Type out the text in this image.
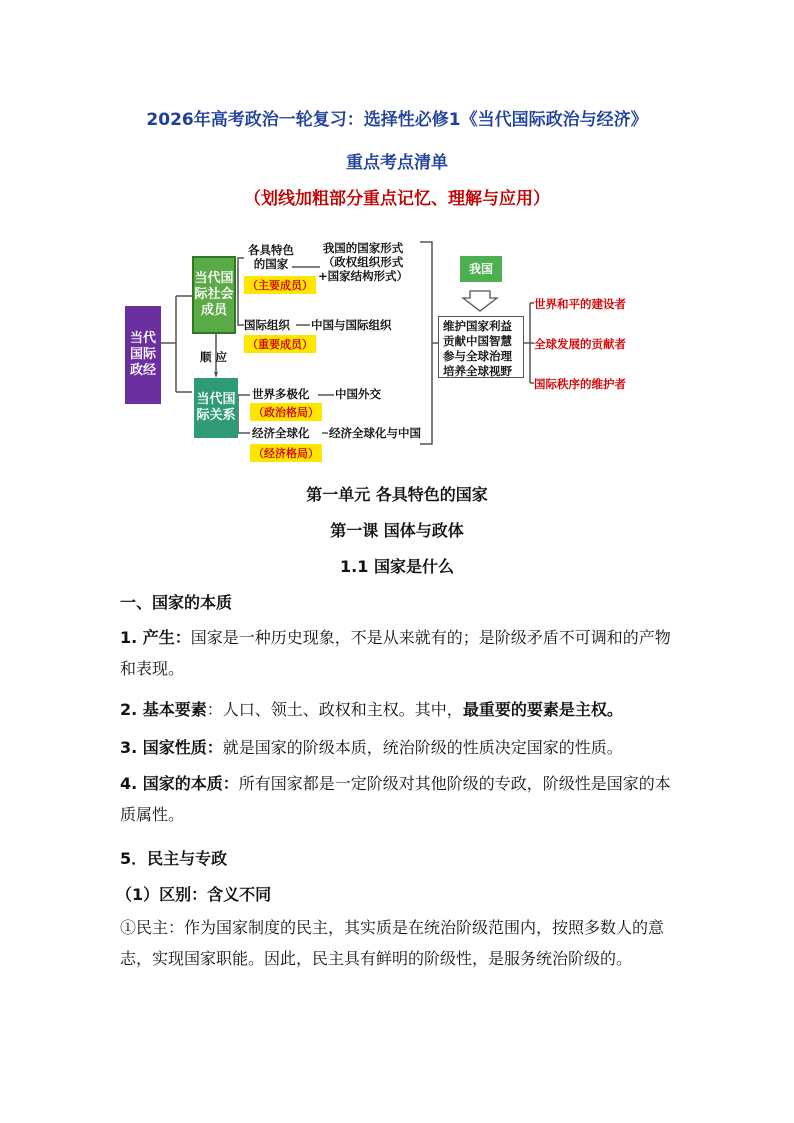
2026年高考政治一轮复习：选择性必修1《当代国际政治与经济》
重点考点清单
（划线加粗部分重点记忆、理解与应用）
当代国际政经
当代国际社会成员
当代国际关系
顺 应
各具特色的国家
（主要成员）
我国的国家形式
（政权组织形式
+国家结构形式）
国际组织
（重要成员）
中国与国际组织
世界多极化
（政治格局）
中国外交
经济全球化
（经济格局）
经济全球化与中国
我国
维护国家利益
贡献中国智慧
参与全球治理
培养全球视野
世界和平的建设者
全球发展的贡献者
国际秩序的维护者
第一单元 各具特色的国家
第一课 国体与政体
1.1 国家是什么
一、国家的本质
1. 产生：国家是一种历史现象，不是从来就有的；是阶级矛盾不可调和的产物和表现。
2. 基本要素：人口、领土、政权和主权。其中，最重要的要素是主权。
3. 国家性质：就是国家的阶级本质，统治阶级的性质决定国家的性质。
4. 国家的本质：所有国家都是一定阶级对其他阶级的专政，阶级性是国家的本质属性。
5．民主与专政
（1）区别：含义不同
①民主：作为国家制度的民主，其实质是在统治阶级范围内，按照多数人的意志，实现国家职能。因此，民主具有鲜明的阶级性，是服务统治阶级的。
